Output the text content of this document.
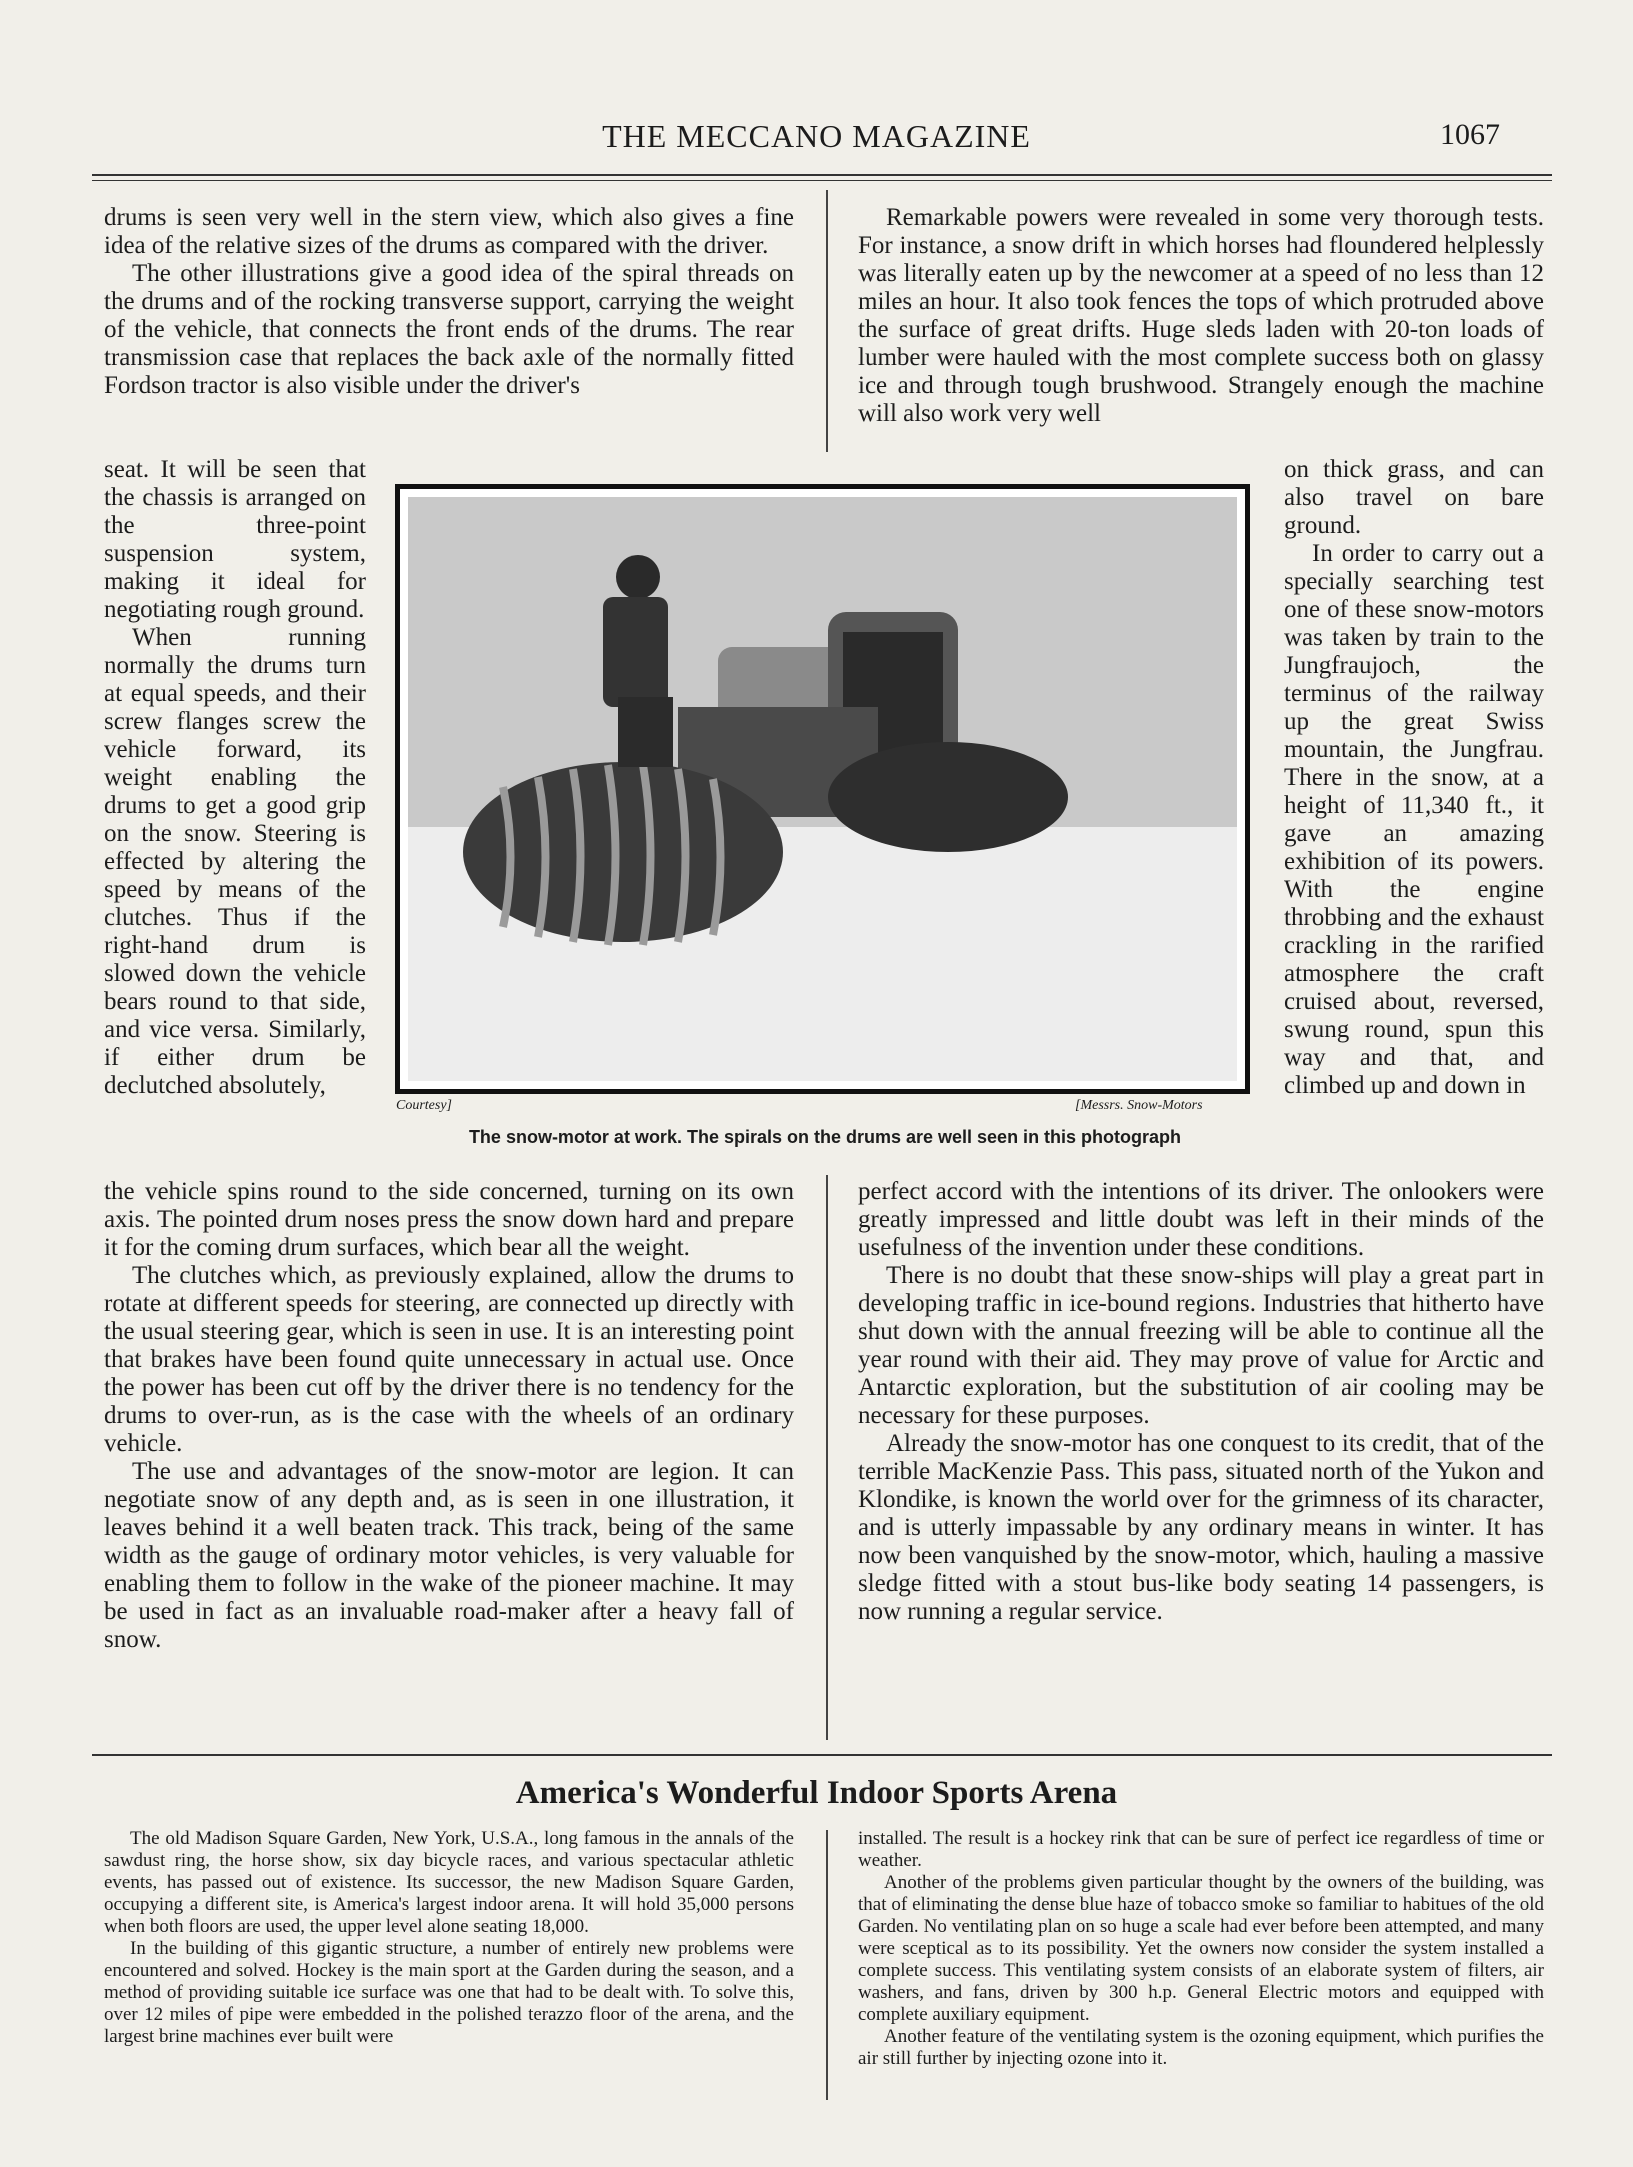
THE MECCANO MAGAZINE	1067

drums is seen very well in the stern view, which also gives a fine idea of the relative sizes of the drums as compared with the driver.

The other illustrations give a good idea of the spiral threads on the drums and of the rocking transverse support, carrying the weight of the vehicle, that connects the front ends of the drums. The rear transmission case that replaces the back axle of the normally fitted Fordson tractor is also visible under the driver's

seat. It will be seen that the chassis is arranged on the three-point suspension system, making it ideal for negotiating rough ground.

When running normally the drums turn at equal speeds, and their screw flanges screw the vehicle forward, its weight enabling the drums to get a good grip on the snow. Steering is effected by altering the speed by means of the clutches. Thus if the right-hand drum is slowed down the vehicle bears round to that side, and vice versa. Similarly, if either drum be declutched absolutely,

the vehicle spins round to the side concerned, turning on its own axis. The pointed drum noses press the snow down hard and prepare it for the coming drum surfaces, which bear all the weight.

The clutches which, as previously explained, allow the drums to rotate at different speeds for steering, are connected up directly with the usual steering gear, which is seen in use. It is an interesting point that brakes have been found quite unnecessary in actual use. Once the power has been cut off by the driver there is no tendency for the drums to over-run, as is the case with the wheels of an ordinary vehicle.

The use and advantages of the snow-motor are legion. It can negotiate snow of any depth and, as is seen in one illustration, it leaves behind it a well beaten track. This track, being of the same width as the gauge of ordinary motor vehicles, is very valuable for enabling them to follow in the wake of the pioneer machine. It may be used in fact as an invaluable road-maker after a heavy fall of snow.

Remarkable powers were revealed in some very thorough tests. For instance, a snow drift in which horses had floundered helplessly was literally eaten up by the newcomer at a speed of no less than 12 miles an hour. It also took fences the tops of which protruded above the surface of great drifts. Huge sleds laden with 20-ton loads of lumber were hauled with the most complete success both on glassy ice and through tough brushwood. Strangely enough the machine will also work very well

on thick grass, and can also travel on bare ground.

In order to carry out a specially searching test one of these snow-motors was taken by train to the Jungfraujoch, the terminus of the railway up the great Swiss mountain, the Jungfrau. There in the snow, at a height of 11,340 ft., it gave an amazing exhibition of its powers. With the engine throbbing and the exhaust crackling in the rarified atmosphere the craft cruised about, reversed, swung round, spun this way and that, and climbed up and down in

perfect accord with the intentions of its driver. The onlookers were greatly impressed and little doubt was left in their minds of the usefulness of the invention under these conditions.

There is no doubt that these snow-ships will play a great part in developing traffic in ice-bound regions. Industries that hitherto have shut down with the annual freezing will be able to continue all the year round with their aid. They may prove of value for Arctic and Antarctic exploration, but the substitution of air cooling may be necessary for these purposes.

Already the snow-motor has one conquest to its credit, that of the terrible MacKenzie Pass. This pass, situated north of the Yukon and Klondike, is known the world over for the grimness of its character, and is utterly impassable by any ordinary means in winter. It has now been vanquished by the snow-motor, which, hauling a massive sledge fitted with a stout bus-like body seating 14 passengers, is now running a regular service.

Courtesy]	[Messrs. Snow-Motors
The snow-motor at work. The spirals on the drums are well seen in this photograph
America's Wonderful Indoor Sports Arena

The old Madison Square Garden, New York, U.S.A., long famous in the annals of the sawdust ring, the horse show, six day bicycle races, and various spectacular athletic events, has passed out of existence. Its successor, the new Madison Square Garden, occupying a different site, is America's largest indoor arena. It will hold 35,000 persons when both floors are used, the upper level alone seating 18,000.

In the building of this gigantic structure, a number of entirely new problems were encountered and solved. Hockey is the main sport at the Garden during the season, and a method of providing suitable ice surface was one that had to be dealt with. To solve this, over 12 miles of pipe were embedded in the polished terazzo floor of the arena, and the largest brine machines ever built were

installed. The result is a hockey rink that can be sure of perfect ice regardless of time or weather.

Another of the problems given particular thought by the owners of the building, was that of eliminating the dense blue haze of tobacco smoke so familiar to habitues of the old Garden. No ventilating plan on so huge a scale had ever before been attempted, and many were sceptical as to its possibility. Yet the owners now consider the system installed a complete success. This ventilating system consists of an elaborate system of filters, air washers, and fans, driven by 300 h.p. General Electric motors and equipped with complete auxiliary equipment.

Another feature of the ventilating system is the ozoning equipment, which purifies the air still further by injecting ozone into it.
